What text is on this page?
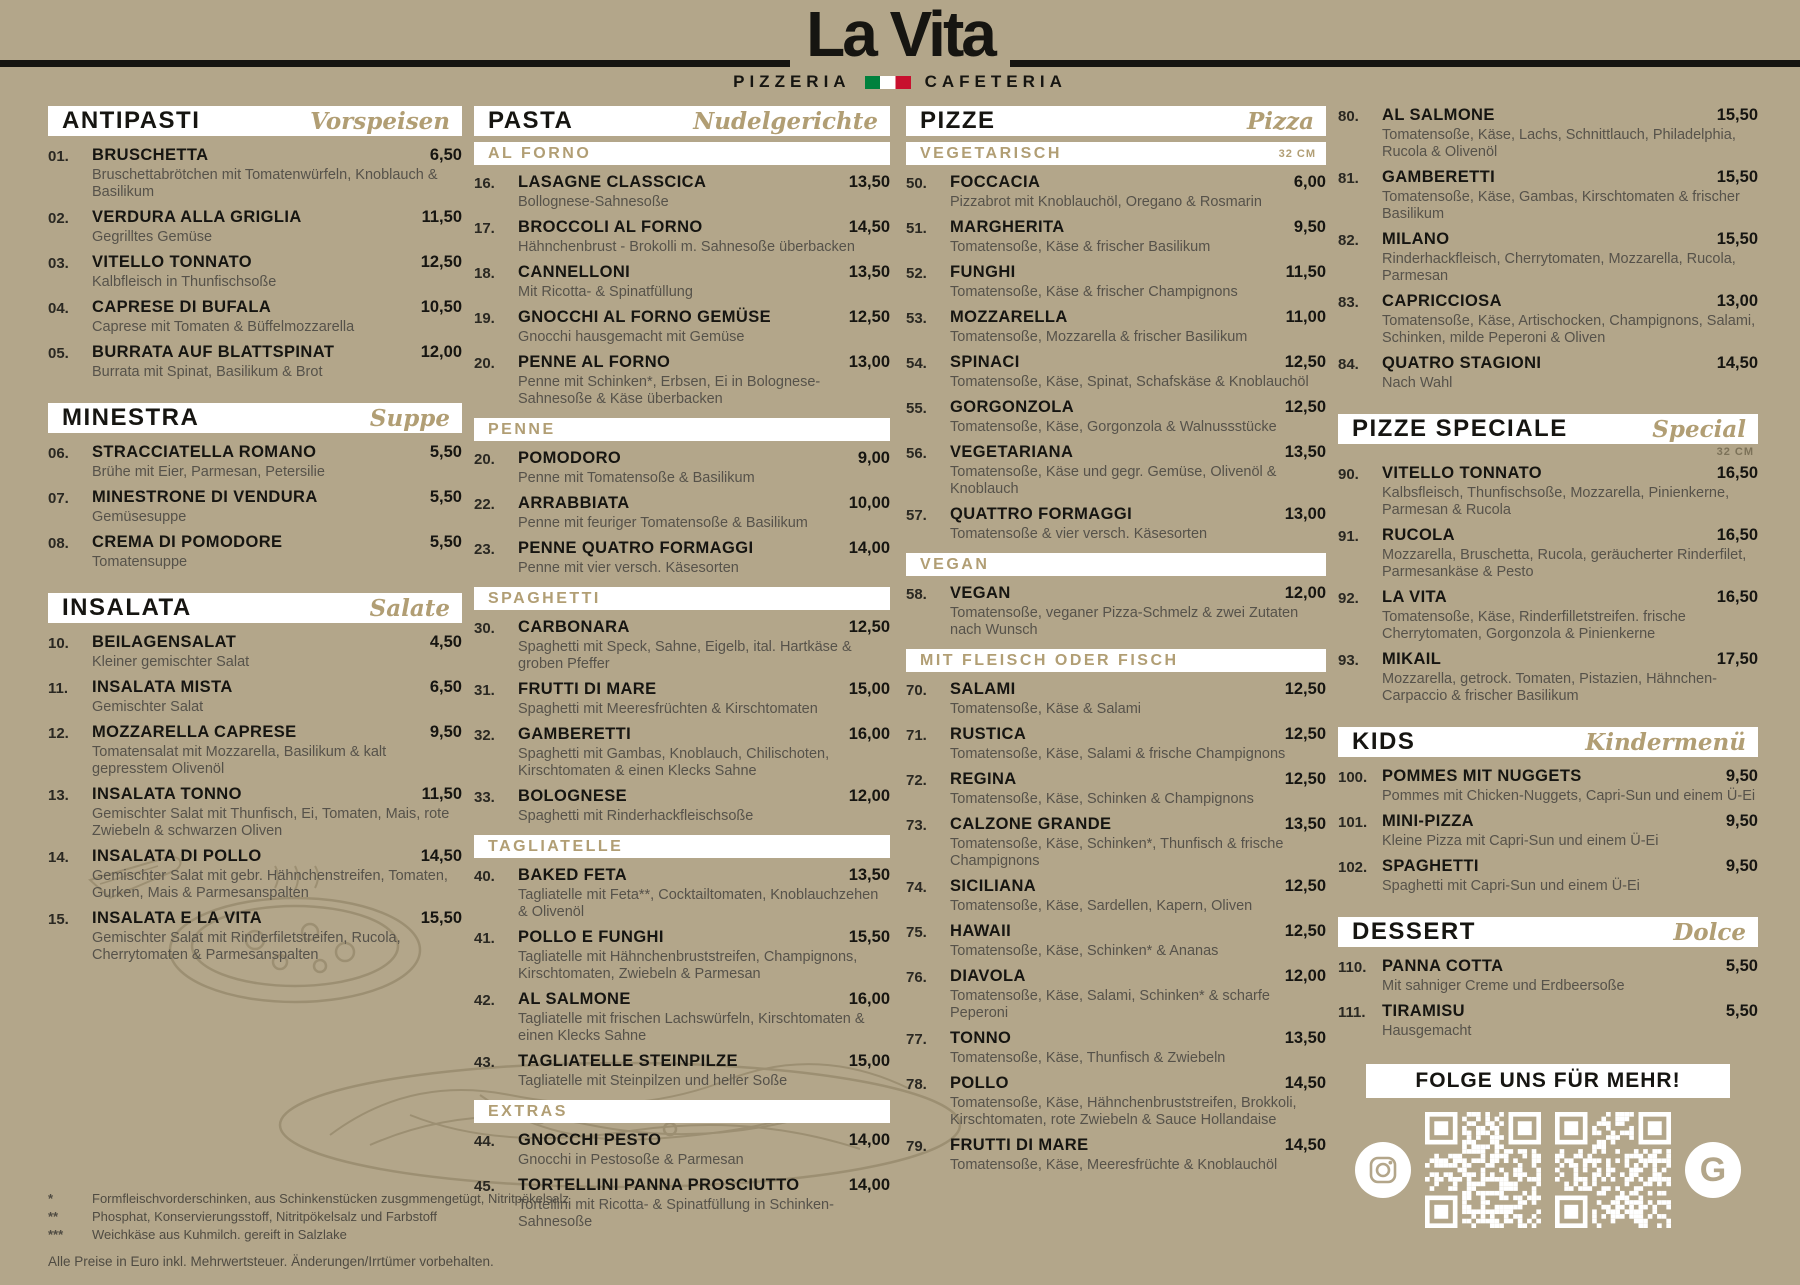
La Vita
PIZZERIA	CAFETERIA
ANTIPASTI	Vorspeisen
01.	6,50
BRUSCHETTA
Bruschettabrötchen mit Tomatenwürfeln, Knoblauch & Basilikum
02.	11,50
VERDURA ALLA GRIGLIA
Gegrilltes Gemüse
03.	12,50
VITELLO TONNATO
Kalbfleisch in Thunfischsoße
04.	10,50
CAPRESE DI BUFALA
Caprese mit Tomaten & Büffelmozzarella
05.	12,00
BURRATA AUF BLATTSPINAT
Burrata mit Spinat, Basilikum & Brot
MINESTRA	Suppe
06.	5,50
STRACCIATELLA ROMANO
Brühe mit Eier, Parmesan, Petersilie
07.	5,50
MINESTRONE DI VENDURA
Gemüsesuppe
08.	5,50
CREMA DI POMODORE
Tomatensuppe
INSALATA	Salate
10.	4,50
BEILAGENSALAT
Kleiner gemischter Salat
11.	6,50
INSALATA MISTA
Gemischter Salat
12.	9,50
MOZZARELLA CAPRESE
Tomatensalat mit Mozzarella, Basilikum & kalt gepresstem Olivenöl
13.	11,50
INSALATA TONNO
Gemischter Salat mit Thunfisch, Ei, Tomaten, Mais, rote Zwiebeln & schwarzen Oliven
14.	14,50
INSALATA DI POLLO
Gemischter Salat mit gebr. Hähnchenstreifen, Tomaten, Gurken, Mais & Parmesanspalten
15.	15,50
INSALATA E LA VITA
Gemischter Salat mit Rinderfiletstreifen, Rucola, Cherrytomaten & Parmesanspalten
PASTA	Nudelgerichte
AL FORNO
16.	13,50
LASAGNE CLASSCICA
Bollognese-Sahnesoße
17.	14,50
BROCCOLI AL FORNO
Hähnchenbrust - Brokolli m. Sahnesoße überbacken
18.	13,50
CANNELLONI
Mit Ricotta- & Spinatfüllung
19.	12,50
GNOCCHI AL FORNO GEMÜSE
Gnocchi hausgemacht mit Gemüse
20.	13,00
PENNE AL FORNO
Penne mit Schinken*, Erbsen, Ei in Bolognese-Sahnesoße & Käse überbacken
PENNE
20.	9,00
POMODORO
Penne mit Tomatensoße & Basilikum
22.	10,00
ARRABBIATA
Penne mit feuriger Tomatensoße & Basilikum
23.	14,00
PENNE QUATRO FORMAGGI
Penne mit vier versch. Käsesorten
SPAGHETTI
30.	12,50
CARBONARA
Spaghetti mit Speck, Sahne, Eigelb, ital. Hartkäse & groben Pfeffer
31.	15,00
FRUTTI DI MARE
Spaghetti mit Meeresfrüchten & Kirschtomaten
32.	16,00
GAMBERETTI
Spaghetti mit Gambas, Knoblauch, Chilischoten, Kirschtomaten & einen Klecks Sahne
33.	12,00
BOLOGNESE
Spaghetti mit Rinderhackfleischsoße
TAGLIATELLE
40.	13,50
BAKED FETA
Tagliatelle mit Feta**, Cocktailtomaten, Knoblauchzehen & Olivenöl
41.	15,50
POLLO E FUNGHI
Tagliatelle mit Hähnchenbruststreifen, Champignons, Kirschtomaten, Zwiebeln & Parmesan
42.	16,00
AL SALMONE
Tagliatelle mit frischen Lachswürfeln, Kirschtomaten & einen Klecks Sahne
43.	15,00
TAGLIATELLE STEINPILZE
Tagliatelle mit Steinpilzen und heller Soße
EXTRAS
44.	14,00
GNOCCHI PESTO
Gnocchi in Pestosoße & Parmesan
45.	14,00
TORTELLINI PANNA PROSCIUTTO
Tortellini mit Ricotta- & Spinatfüllung in Schinken-Sahnesoße
PIZZE	Pizza
VEGETARISCH	32 CM
50.	6,00
FOCCACIA
Pizzabrot mit Knoblauchöl, Oregano & Rosmarin
51.	9,50
MARGHERITA
Tomatensoße, Käse & frischer Basilikum
52.	11,50
FUNGHI
Tomatensoße, Käse & frischer Champignons
53.	11,00
MOZZARELLA
Tomatensoße, Mozzarella & frischer Basilikum
54.	12,50
SPINACI
Tomatensoße, Käse, Spinat, Schafskäse & Knoblauchöl
55.	12,50
GORGONZOLA
Tomatensoße, Käse, Gorgonzola & Walnussstücke
56.	13,50
VEGETARIANA
Tomatensoße, Käse und gegr. Gemüse, Olivenöl & Knoblauch
57.	13,00
QUATTRO FORMAGGI
Tomatensoße & vier versch. Käsesorten
VEGAN
58.	12,00
VEGAN
Tomatensoße, veganer Pizza-Schmelz & zwei Zutaten nach Wunsch
MIT FLEISCH ODER FISCH
70.	12,50
SALAMI
Tomatensoße, Käse & Salami
71.	12,50
RUSTICA
Tomatensoße, Käse, Salami & frische Champignons
72.	12,50
REGINA
Tomatensoße, Käse, Schinken & Champignons
73.	13,50
CALZONE GRANDE
Tomatensoße, Käse, Schinken*, Thunfisch & frische Champignons
74.	12,50
SICILIANA
Tomatensoße, Käse, Sardellen, Kapern, Oliven
75.	12,50
HAWAII
Tomatensoße, Käse, Schinken* & Ananas
76.	12,00
DIAVOLA
Tomatensoße, Käse, Salami, Schinken* & scharfe Peperoni
77.	13,50
TONNO
Tomatensoße, Käse, Thunfisch & Zwiebeln
78.	14,50
POLLO
Tomatensoße, Käse, Hähnchenbruststreifen, Brokkoli, Kirschtomaten, rote Zwiebeln & Sauce Hollandaise
79.	14,50
FRUTTI DI MARE
Tomatensoße, Käse, Meeresfrüchte & Knoblauchöl
80.	15,50
AL SALMONE
Tomatensoße, Käse, Lachs, Schnittlauch, Philadelphia, Rucola & Olivenöl
81.	15,50
GAMBERETTI
Tomatensoße, Käse, Gambas, Kirschtomaten & frischer Basilikum
82.	15,50
MILANO
Rinderhackfleisch, Cherrytomaten, Mozzarella, Rucola, Parmesan
83.	13,00
CAPRICCIOSA
Tomatensoße, Käse, Artischocken, Champignons, Salami, Schinken, milde Peperoni & Oliven
84.	14,50
QUATRO STAGIONI
Nach Wahl
PIZZE SPECIALE	Special
32 CM
90.	16,50
VITELLO TONNATO
Kalbsfleisch, Thunfischsoße, Mozzarella, Pinienkerne, Parmesan & Rucola
91.	16,50
RUCOLA
Mozzarella, Bruschetta, Rucola, geräucherter Rinderfilet, Parmesankäse & Pesto
92.	16,50
LA VITA
Tomatensoße, Käse, Rinderfilletstreifen. frische Cherrytomaten, Gorgonzola & Pinienkerne
93.	17,50
MIKAIL
Mozzarella, getrock. Tomaten, Pistazien, Hähnchen-Carpaccio & frischer Basilikum
KIDS	Kindermenü
100.	9,50
POMMES MIT NUGGETS
Pommes mit Chicken-Nuggets, Capri-Sun und einem Ü-Ei
101.	9,50
MINI-PIZZA
Kleine Pizza mit Capri-Sun und einem Ü-Ei
102.	9,50
SPAGHETTI
Spaghetti mit Capri-Sun und einem Ü-Ei
DESSERT	Dolce
110.	5,50
PANNA COTTA
Mit sahniger Creme und Erdbeersoße
111.	5,50
TIRAMISU
Hausgemacht
FOLGE UNS FÜR MEHR!
G
*	Formfleischvorderschinken, aus Schinkenstücken zusgmmengetügt, Nitritpökelsalz
**	Phosphat, Konservierungsstoff, Nitritpökelsalz und Farbstoff
***	Weichkäse aus Kuhmilch. gereift in Salzlake
Alle Preise in Euro inkl. Mehrwertsteuer. Änderungen/Irrtümer vorbehalten.
